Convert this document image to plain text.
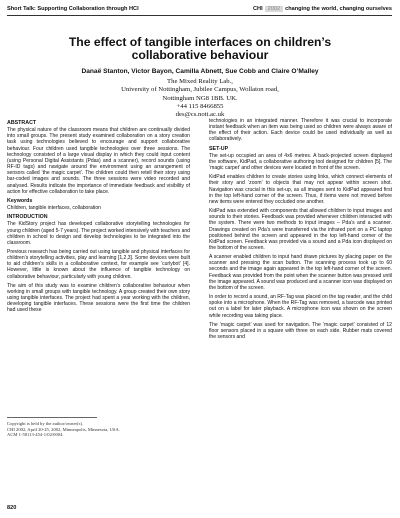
Short Talk: Supporting Collaboration through HCI	CHI 2002 changing the world, changing ourselves
The effect of tangible interfaces on children’s collaborative behaviour
Danaë Stanton, Victor Bayon, Camilla Abnett, Sue Cobb and Claire O’Malley
The Mixed Reality Lab.,
University of Nottingham, Jubilee Campus, Wollaton road,
Nottingham NG8 1BB. UK.
+44 115 8466855
des@cs.nott.ac.uk
ABSTRACT

The physical nature of the classroom means that children are continually divided into small groups. The present study examined collaboration on a story creation task using technologies believed to encourage and support collaborative behaviour. Four children used tangible technologies over three sessions. The technology consisted of a large visual display in which they could input content (using Personal Digital Assistants (Pdas) and a scanner), record sounds (using RF-ID tags) and navigate around the environment using an arrangement of sensors called ‘the magic carpet’. The children could then retell their story using bar-coded images and sounds. The three sessions were video recorded and analysed. Results indicate the importance of immediate feedback and visibility of action for effective collaboration to take place.

Keywords

Children, tangible interfaces, collaboration

INTRODUCTION

The KidStory project has developed collaborative storytelling technologies for young children (aged 5-7 years). The project worked intensively with teachers and children in school to design and develop technologies to be integrated into the classroom.

Previous research has being carried out using tangible and physical interfaces for children’s storytelling activities, play and learning [1,2,3]. Some devices were built to aid children’s skills in a collaborative context, for example see ‘curlybot’ [4]. However, little is known about the influence of tangible technology on collaborative behaviour, particularly with young children.

The aim of this study was to examine children’s collaborative behaviour when working in small groups with tangible technology. A group created their own story using tangible interfaces. The project had spent a year working with the children, developing tangible interfaces. These sessions were the first time the children had used these

technologies in an integrated manner. Therefore it was crucial to incorporate instant feedback when an item was being used so children were always aware of the effect of their action. Each device could be used individually as well as collaboratively.

SET-UP

The set-up occupied an area of 4x6 metres. A back-projected screen displayed the software, KidPad, a collaborative authoring tool designed for children [5]. The ‘magic carpet’ and other devices were located in front of the screen.

KidPad enables children to create stories using links, which connect elements of their story and ‘zoom’ to objects that may not appear within screen shot. Navigation was crucial in this set-up, as all images sent to KidPad appeared first in the top left-hand corner of the screen. Thus, if items were not moved before new items were entered they occluded one another.

KidPad was extended with components that allowed children to input images and sounds to their stories. Feedback was provided whenever children interacted with the system. There were two methods to input images – Pda’s and a scanner. Drawings created on Pda’s were transferred via the infrared port on a PC laptop positioned behind the screen and appeared in the top left-hand corner of the KidPad screen. Feedback was provided via a sound and a Pda icon displayed on the bottom of the screen.

A scanner enabled children to input hand drawn pictures by placing paper on the scanner and pressing the scan button. The scanning process took up to 60 seconds and the image again appeared in the top left-hand corner of the screen. Feedback was provided from the point when the scanner button was pressed until the image appeared. A sound was produced and a scanner icon was displayed on the bottom of the screen.

In order to record a sound, an RF-Tag was placed on the tag reader, and the child spoke into a microphone. When the RF-Tag was removed, a barcode was printed out on a label for later playback. A microphone icon was shown on the screen while recording was taking place.

The ‘magic carpet’ was used for navigation. The ‘magic carpet’ consisted of 12 floor sensors placed in a square with three on each side. Rubber mats covered the sensors and

Copyright is held by the author/owner(s).
CHI 2002, April 20-25, 2002, Minneapolis, Minnesota, USA.
ACM 1-58113-454-1/02/0004.
820
